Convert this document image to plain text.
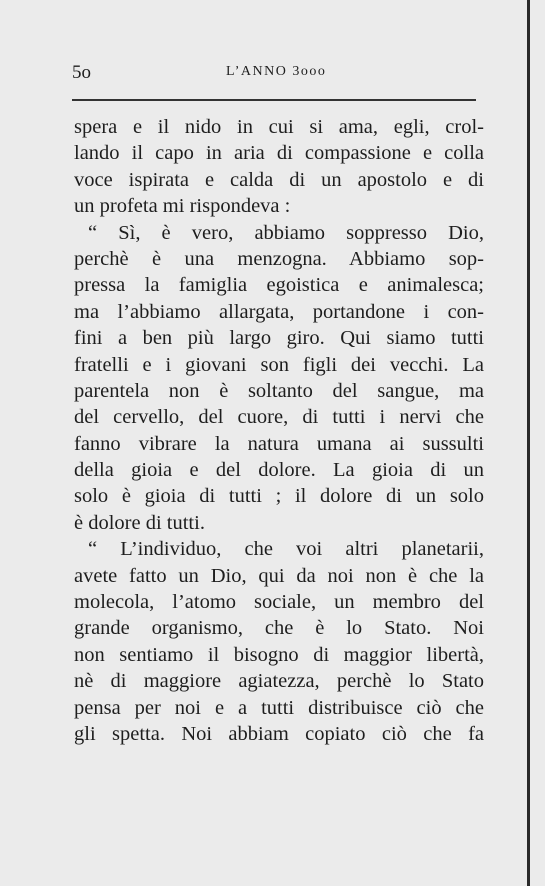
5o	L’ANNO 3ooo
spera e il nido in cui si ama, egli, crol-
lando il capo in aria di compassione e colla
voce ispirata e calda di un apostolo e di
un profeta mi rispondeva :
“ Sì, è vero, abbiamo soppresso Dio,
perchè è una menzogna. Abbiamo sop-
pressa la famiglia egoistica e animalesca;
ma l’abbiamo allargata, portandone i con-
fini a ben più largo giro. Qui siamo tutti
fratelli e i giovani son figli dei vecchi. La
parentela non è soltanto del sangue, ma
del cervello, del cuore, di tutti i nervi che
fanno vibrare la natura umana ai sussulti
della gioia e del dolore. La gioia di un
solo è gioia di tutti ; il dolore di un solo
è dolore di tutti.
“ L’individuo, che voi altri planetarii,
avete fatto un Dio, qui da noi non è che la
molecola, l’atomo sociale, un membro del
grande organismo, che è lo Stato. Noi
non sentiamo il bisogno di maggior libertà,
nè di maggiore agiatezza, perchè lo Stato
pensa per noi e a tutti distribuisce ciò che
gli spetta. Noi abbiam copiato ciò che fa
